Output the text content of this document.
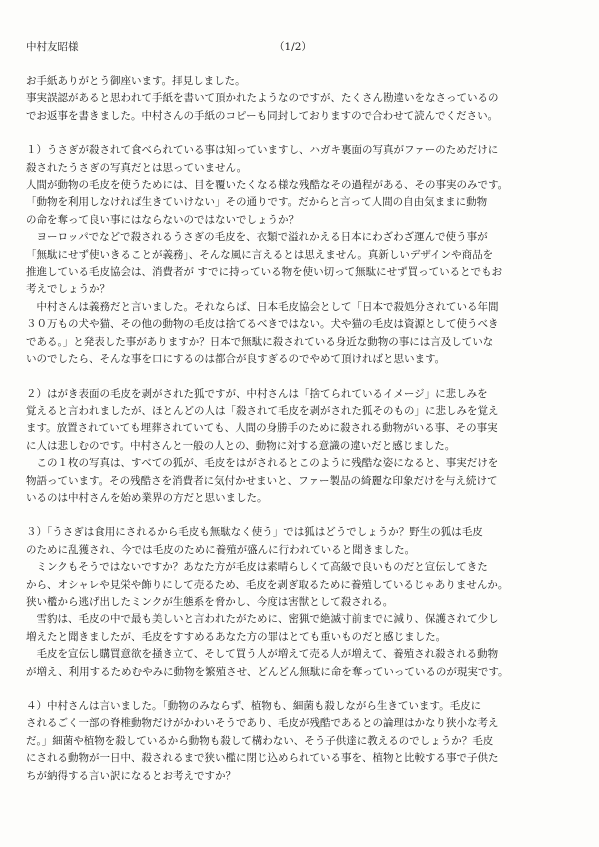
中村友昭様	（1/2）

お手紙ありがとう御座います。拝見しました。

事実誤認があると思われて手紙を書いて頂かれたようなのですが、たくさん勘違いをなさっているの

でお返事を書きました。中村さんの手紙のコピーも同封しておりますので合わせて読んでください。

１）うさぎが殺されて食べられている事は知っていますし、ハガキ裏面の写真がファーのためだけに

殺されたうさぎの写真だとは思っていません。

人間が動物の毛皮を使うためには、目を覆いたくなる様な残酷なその過程がある、その事実のみです。

「動物を利用しなければ生きていけない」その通りです。だからと言って人間の自由気ままに動物

の命を奪って良い事にはならないのではないでしょうか？

　ヨーロッパでなどで殺されるうさぎの毛皮を、衣類で溢れかえる日本にわざわざ運んで使う事が

「無駄にせず使いきることが義務」、そんな風に言えるとは思えません。真新しいデザインや商品を

推進している毛皮協会は、消費者が すでに持っている物を使い切って無駄にせず買っているとでもお

考えでしょうか？

　中村さんは義務だと言いました。それならば、日本毛皮協会として「日本で殺処分されている年間

３０万もの犬や猫、その他の動物の毛皮は捨てるべきではない。犬や猫の毛皮は資源として使うべき

である。」と発表した事がありますか？日本で無駄に殺されている身近な動物の事には言及していな

いのでしたら、そんな事を口にするのは都合が良すぎるのでやめて頂ければと思います。

２）はがき表面の毛皮を剥がされた狐ですが、中村さんは「捨てられているイメージ」に悲しみを

覚えると言われましたが、ほとんどの人は「殺されて毛皮を剥がされた狐そのもの」に悲しみを覚え

ます。放置されていても埋葬されていても、人間の身勝手のために殺される動物がいる事、その事実

に人は悲しむのです。中村さんと一般の人との、動物に対する意識の違いだと感じました。

　この１枚の写真は、すべての狐が、毛皮をはがされるとこのように残酷な姿になると、事実だけを

物語っています。その残酷さを消費者に気付かせまいと、ファー製品の綺麗な印象だけを与え続けて

いるのは中村さんを始め業界の方だと思いました。

３）「うさぎは食用にされるから毛皮も無駄なく使う」では狐はどうでしょうか？野生の狐は毛皮

のために乱獲され、今では毛皮のために養殖が盛んに行われていると聞きました。

　ミンクもそうではないですか？あなた方が毛皮は素晴らしくて高級で良いものだと宣伝してきた

から、オシャレや見栄や飾りにして売るため、毛皮を剥ぎ取るために養殖しているじゃありませんか。

狭い檻から逃げ出したミンクが生態系を脅かし、今度は害獣として殺される。

　雪豹は、毛皮の中で最も美しいと言われたがために、密猟で絶滅寸前までに減り、保護されて少し

増えたと聞きましたが、毛皮をすすめるあなた方の罪はとても重いものだと感じました。

　毛皮を宣伝し購買意欲を掻き立て、そして買う人が増えて売る人が増えて、養殖され殺される動物

が増え、利用するためむやみに動物を繁殖させ、どんどん無駄に命を奪っていっているのが現実です。

４）中村さんは言いました。「動物のみならず、植物も、細菌も殺しながら生きています。毛皮に

されるごく一部の脊椎動物だけがかわいそうであり、毛皮が残酷であるとの論理はかなり狭小な考え

だ。」細菌や植物を殺しているから動物も殺して構わない、そう子供達に教えるのでしょうか？毛皮

にされる動物が一日中、殺されるまで狭い檻に閉じ込められている事を、植物と比較する事で子供た

ちが納得する言い訳になるとお考えですか？
